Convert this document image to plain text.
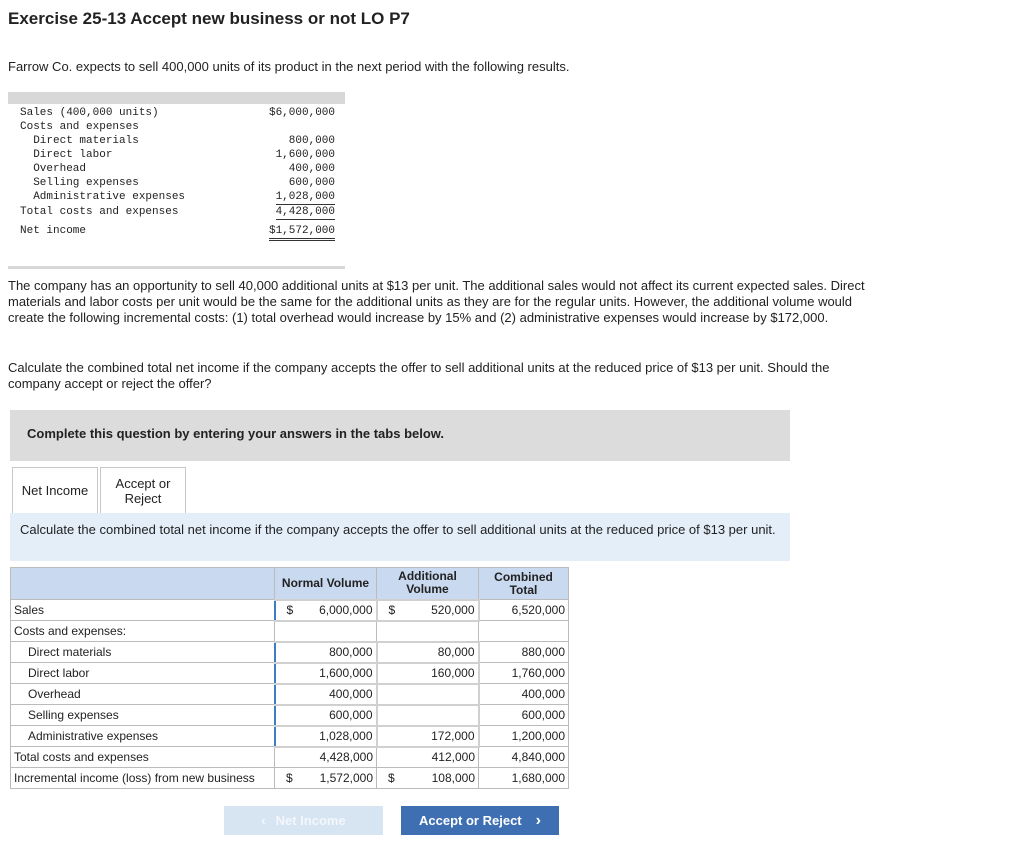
Exercise 25-13 Accept new business or not LO P7
Farrow Co. expects to sell 400,000 units of its product in the next period with the following results.
Sales (400,000 units)	$6,000,000
Costs and expenses
Direct materials	800,000
Direct labor	1,600,000
Overhead	400,000
Selling expenses	600,000
Administrative expenses	1,028,000
Total costs and expenses	4,428,000
Net income	$1,572,000
The company has an opportunity to sell 40,000 additional units at $13 per unit. The additional sales would not affect its current expected sales. Direct materials and labor costs per unit would be the same for the additional units as they are for the regular units. However, the additional volume would create the following incremental costs: (1) total overhead would increase by 15% and (2) administrative expenses would increase by $172,000.
Calculate the combined total net income if the company accepts the offer to sell additional units at the reduced price of $13 per unit. Should the company accept or reject the offer?
Complete this question by entering your answers in the tabs below.
Net Income	Accept or Reject
Calculate the combined total net income if the company accepts the offer to sell additional units at the reduced price of $13 per unit.
	Normal Volume	Additional Volume	Combined Total
Sales	$ 6,000,000	$ 520,000	6,520,000
Costs and expenses:			
Direct materials	800,000	80,000	880,000
Direct labor	1,600,000	160,000	1,760,000
Overhead	400,000		400,000
Selling expenses	600,000		600,000
Administrative expenses	1,028,000	172,000	1,200,000
Total costs and expenses	4,428,000	412,000	4,840,000
Incremental income (loss) from new business	$ 1,572,000	$ 108,000	1,680,000
‹ Net Income	Accept or Reject ›
